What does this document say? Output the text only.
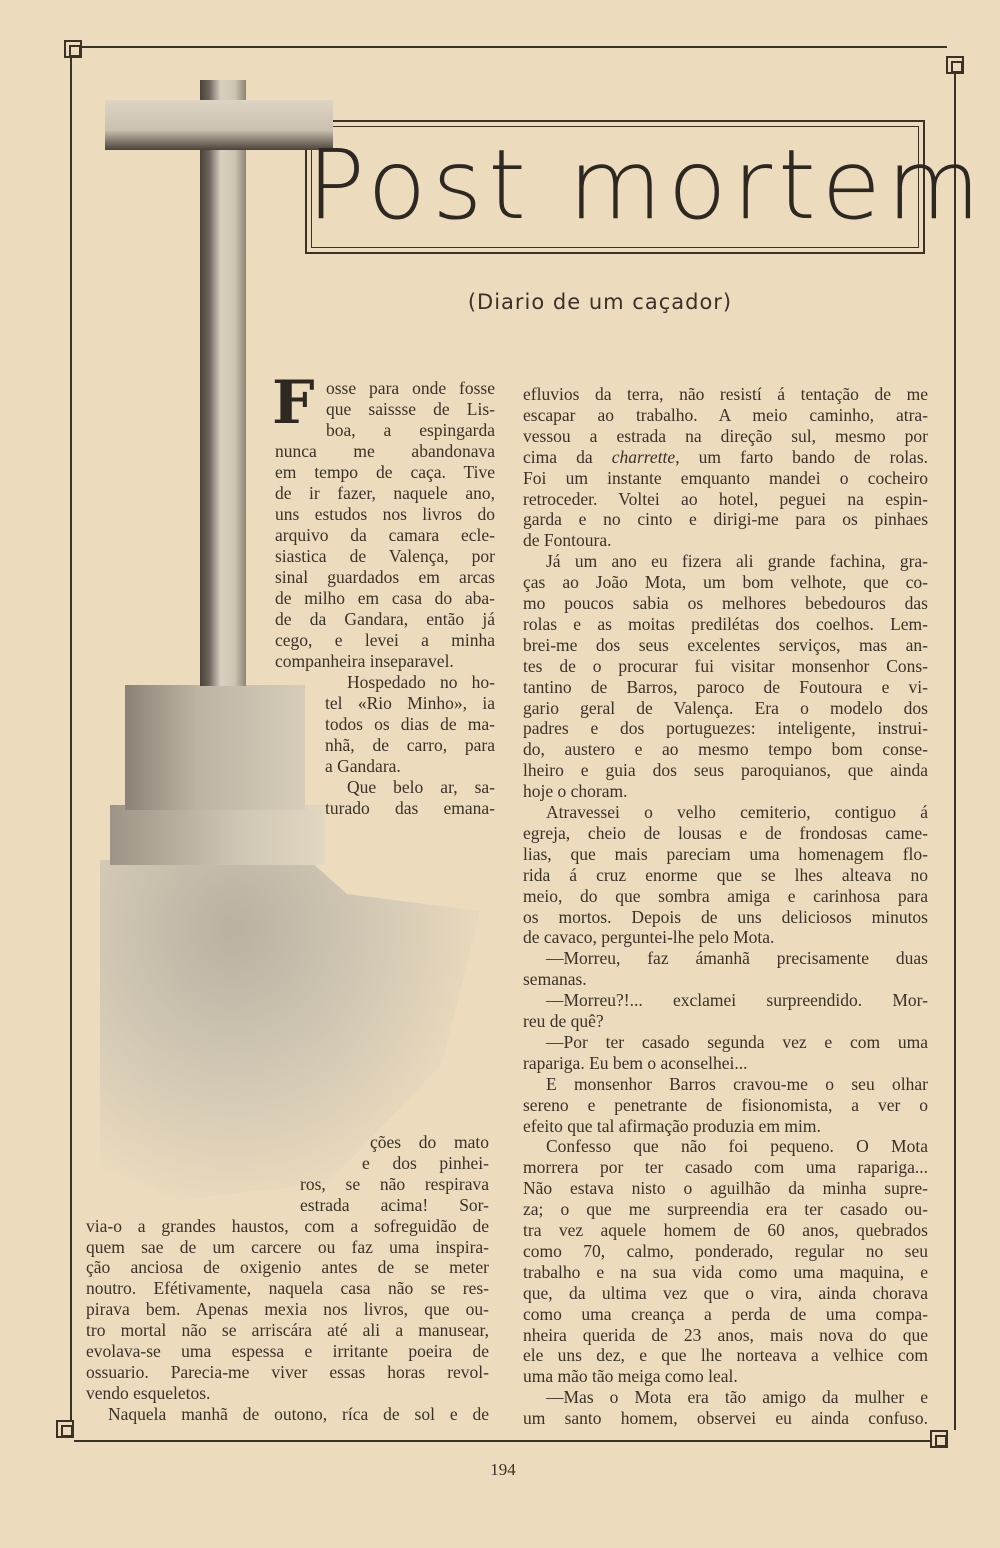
Post mortem
(Diario de um caçador)
F osse para onde fosse
que saissse de Lis-
boa, a espingarda
nunca me abandonava
em tempo de caça. Tive
de ir fazer, naquele ano,
uns estudos nos livros do
arquivo da camara ecle-
siastica de Valença, por
sinal guardados em arcas
de milho em casa do aba-
de da Gandara, então já
cego, e levei a minha
companheira inseparavel.
Hospedado no ho-
tel «Rio Minho», ia
todos os dias de ma-
nhã, de carro, para
a Gandara.
Que belo ar, sa-
turado das emana-
ções do mato
e dos pinhei-
ros, se não respirava
estrada acima! Sor-
via-o a grandes haustos, com a sofreguidão de
quem sae de um carcere ou faz uma inspira-
ção anciosa de oxigenio antes de se meter
noutro. Efétivamente, naquela casa não se res-
pirava bem. Apenas mexia nos livros, que ou-
tro mortal não se arriscára até ali a manusear,
evolava-se uma espessa e irritante poeira de
ossuario. Parecia-me viver essas horas revol-
vendo esqueletos.
Naquela manhã de outono, ríca de sol e de
efluvios da terra, não resistí á tentação de me
escapar ao trabalho. A meio caminho, atra-
vessou a estrada na direção sul, mesmo por
cima da charrette, um farto bando de rolas.
Foi um instante emquanto mandei o cocheiro
retroceder. Voltei ao hotel, peguei na espin-
garda e no cinto e dirigi-me para os pinhaes
de Fontoura.
Já um ano eu fizera ali grande fachina, gra-
ças ao João Mota, um bom velhote, que co-
mo poucos sabia os melhores bebedouros das
rolas e as moitas predilétas dos coelhos. Lem-
brei-me dos seus excelentes serviços, mas an-
tes de o procurar fui visitar monsenhor Cons-
tantino de Barros, paroco de Foutoura e vi-
gario geral de Valença. Era o modelo dos
padres e dos portuguezes: inteligente, instrui-
do, austero e ao mesmo tempo bom conse-
lheiro e guia dos seus paroquianos, que ainda
hoje o choram.
Atravessei o velho cemiterio, contiguo á
egreja, cheio de lousas e de frondosas came-
lias, que mais pareciam uma homenagem flo-
rida á cruz enorme que se lhes alteava no
meio, do que sombra amiga e carinhosa para
os mortos. Depois de uns deliciosos minutos
de cavaco, perguntei-lhe pelo Mota.
—Morreu, faz ámanhã precisamente duas
semanas.
—Morreu?!... exclamei surpreendido. Mor-
reu de quê?
—Por ter casado segunda vez e com uma
rapariga. Eu bem o aconselhei...
E monsenhor Barros cravou-me o seu olhar
sereno e penetrante de fisionomista, a ver o
efeito que tal afirmação produzia em mim.
Confesso que não foi pequeno. O Mota
morrera por ter casado com uma rapariga...
Não estava nisto o aguilhão da minha supre-
za; o que me surpreendia era ter casado ou-
tra vez aquele homem de 60 anos, quebrados
como 70, calmo, ponderado, regular no seu
trabalho e na sua vida como uma maquina, e
que, da ultima vez que o vira, ainda chorava
como uma creança a perda de uma compa-
nheira querida de 23 anos, mais nova do que
ele uns dez, e que lhe norteava a velhice com
uma mão tão meiga como leal.
—Mas o Mota era tão amigo da mulher e
um santo homem, observei eu ainda confuso.
194
